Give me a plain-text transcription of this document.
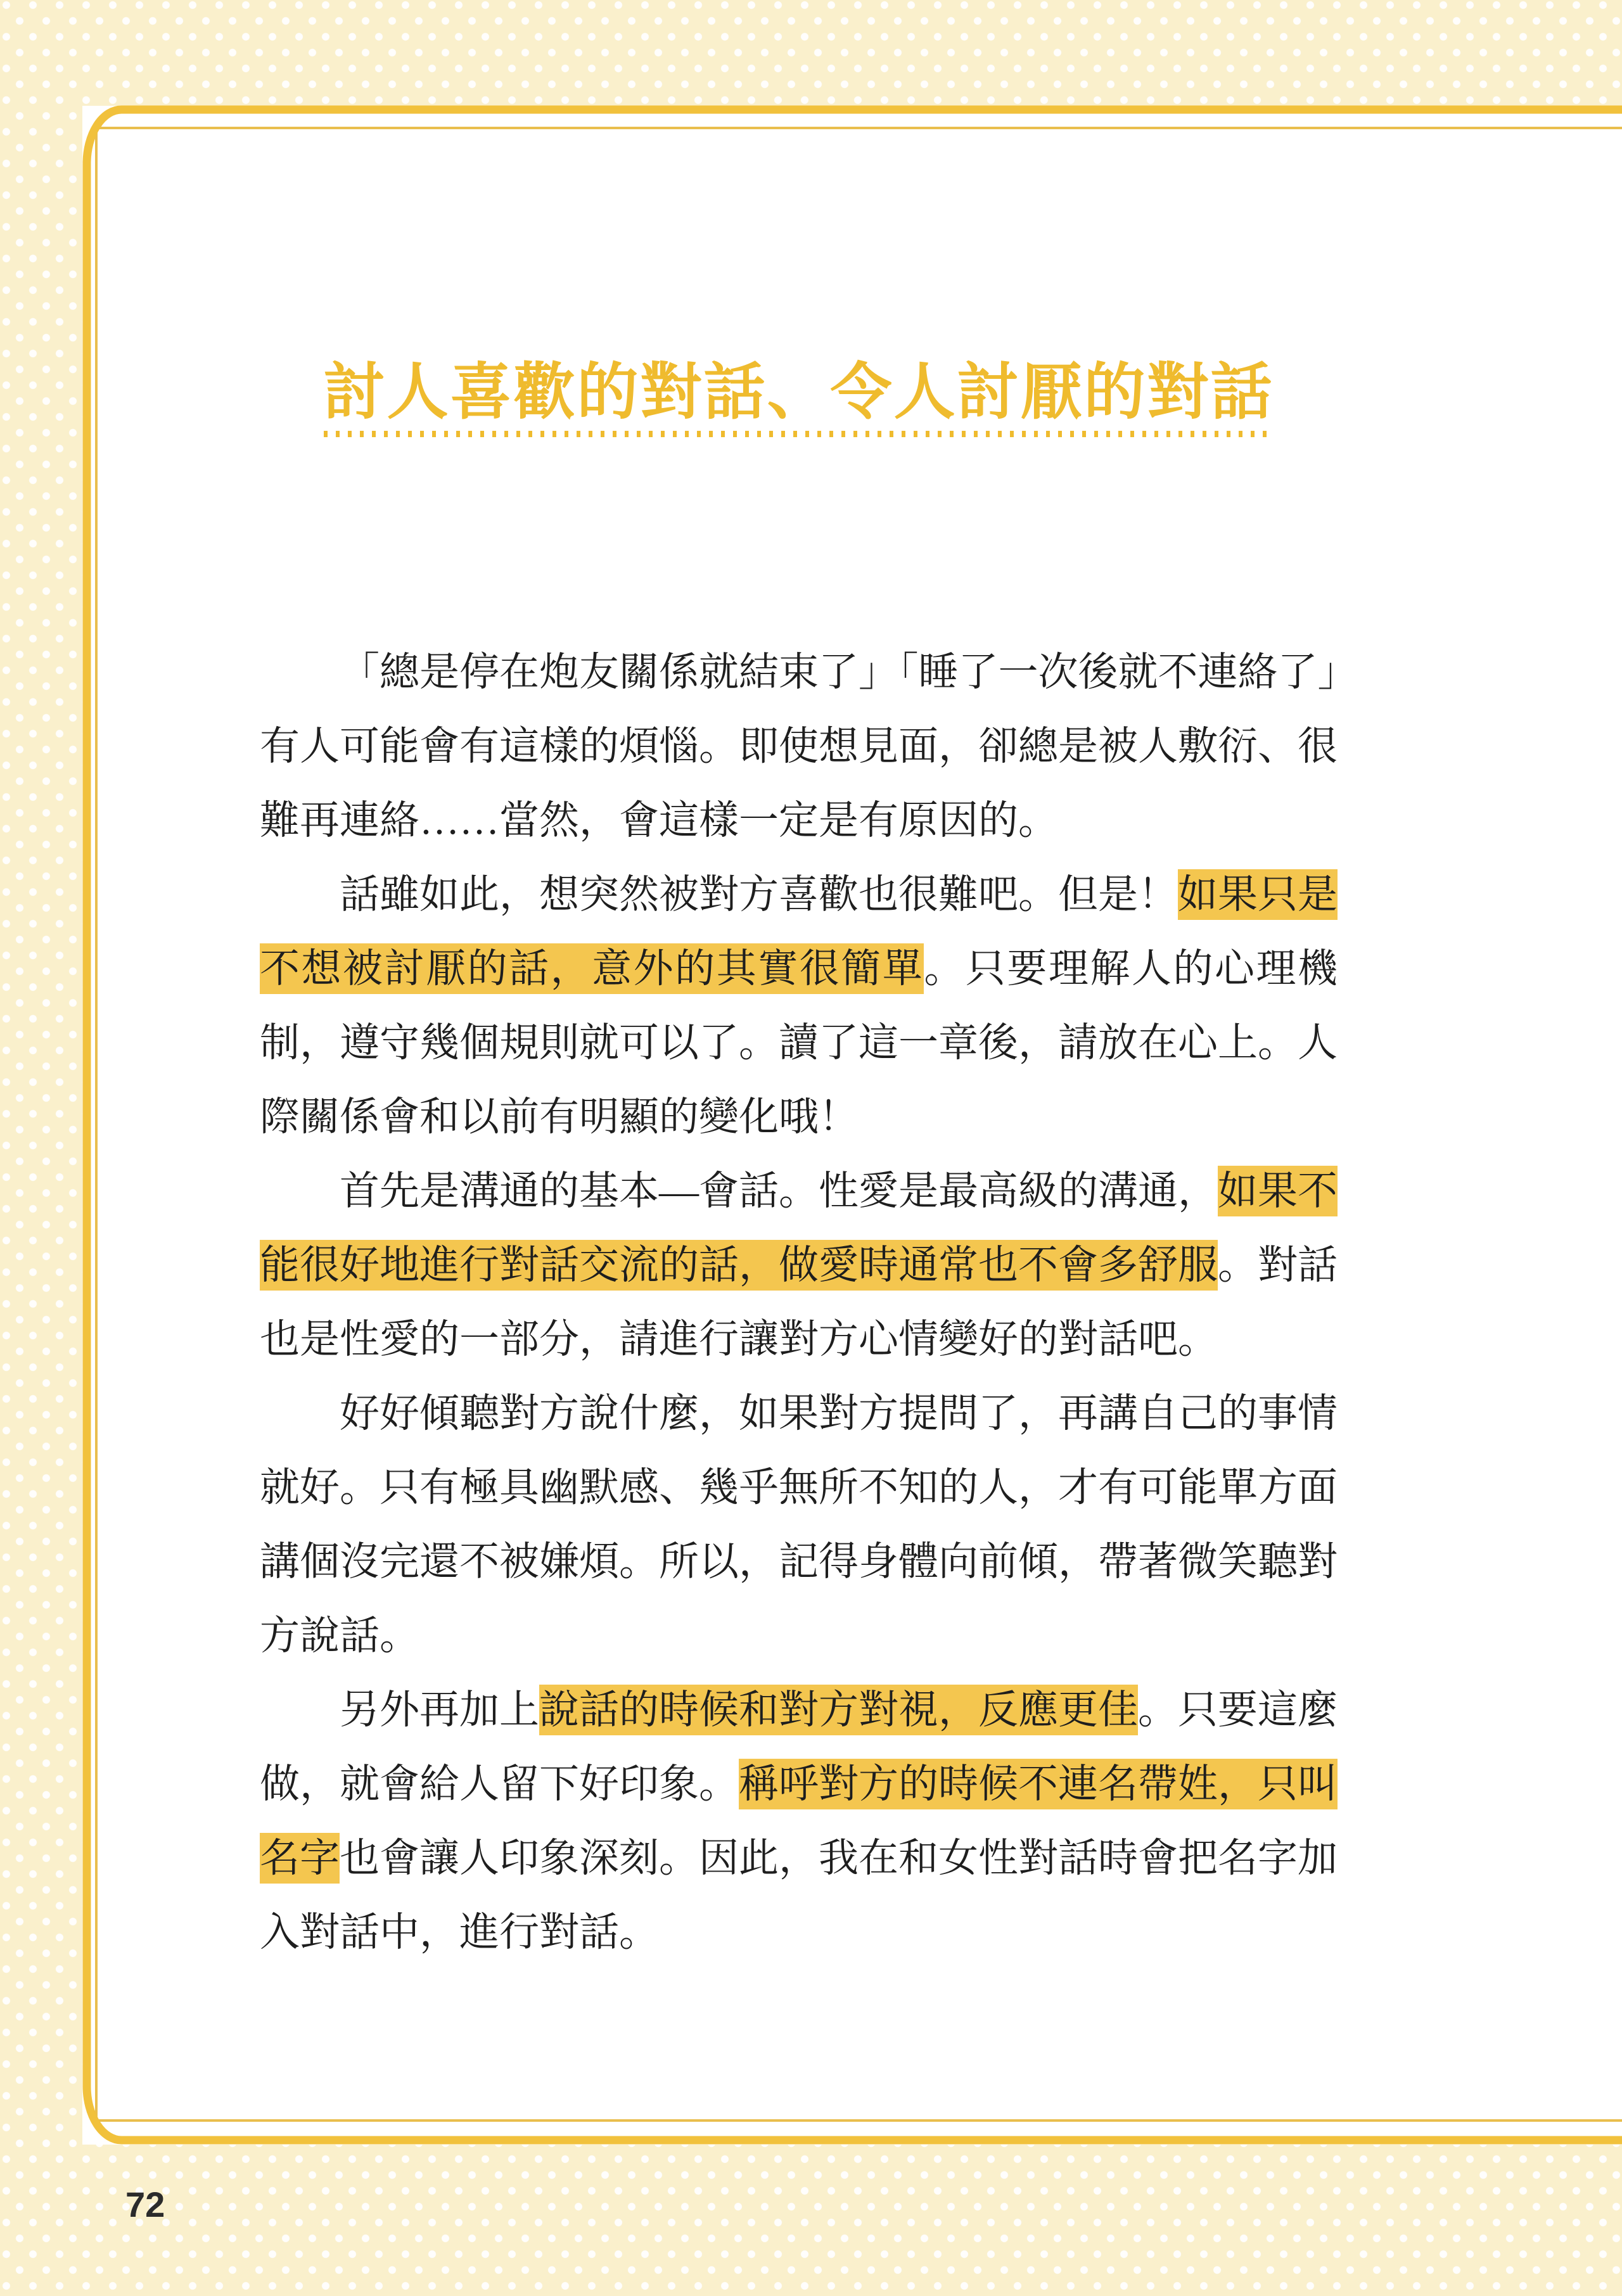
討人喜歡的對話、令人討厭的對話

「總是停在炮友關係就結束了」「睡了一次後就不連絡了」有人可能會有這樣的煩惱。即使想見面，卻總是被人敷衍、很難再連絡……當然，會這樣一定是有原因的。

話雖如此，想突然被對方喜歡也很難吧。但是！如果只是不想被討厭的話，意外的其實很簡單。只要理解人的心理機制，遵守幾個規則就可以了。讀了這一章後，請放在心上。人際關係會和以前有明顯的變化哦！

首先是溝通的基本—會話。性愛是最高級的溝通，如果不能很好地進行對話交流的話，做愛時通常也不會多舒服。對話也是性愛的一部分，請進行讓對方心情變好的對話吧。

好好傾聽對方說什麼，如果對方提問了，再講自己的事情就好。只有極具幽默感、幾乎無所不知的人，才有可能單方面講個沒完還不被嫌煩。所以，記得身體向前傾，帶著微笑聽對方說話。

另外再加上說話的時候和對方對視，反應更佳。只要這麼做，就會給人留下好印象。稱呼對方的時候不連名帶姓，只叫名字也會讓人印象深刻。因此，我在和女性對話時會把名字加入對話中，進行對話。

72
